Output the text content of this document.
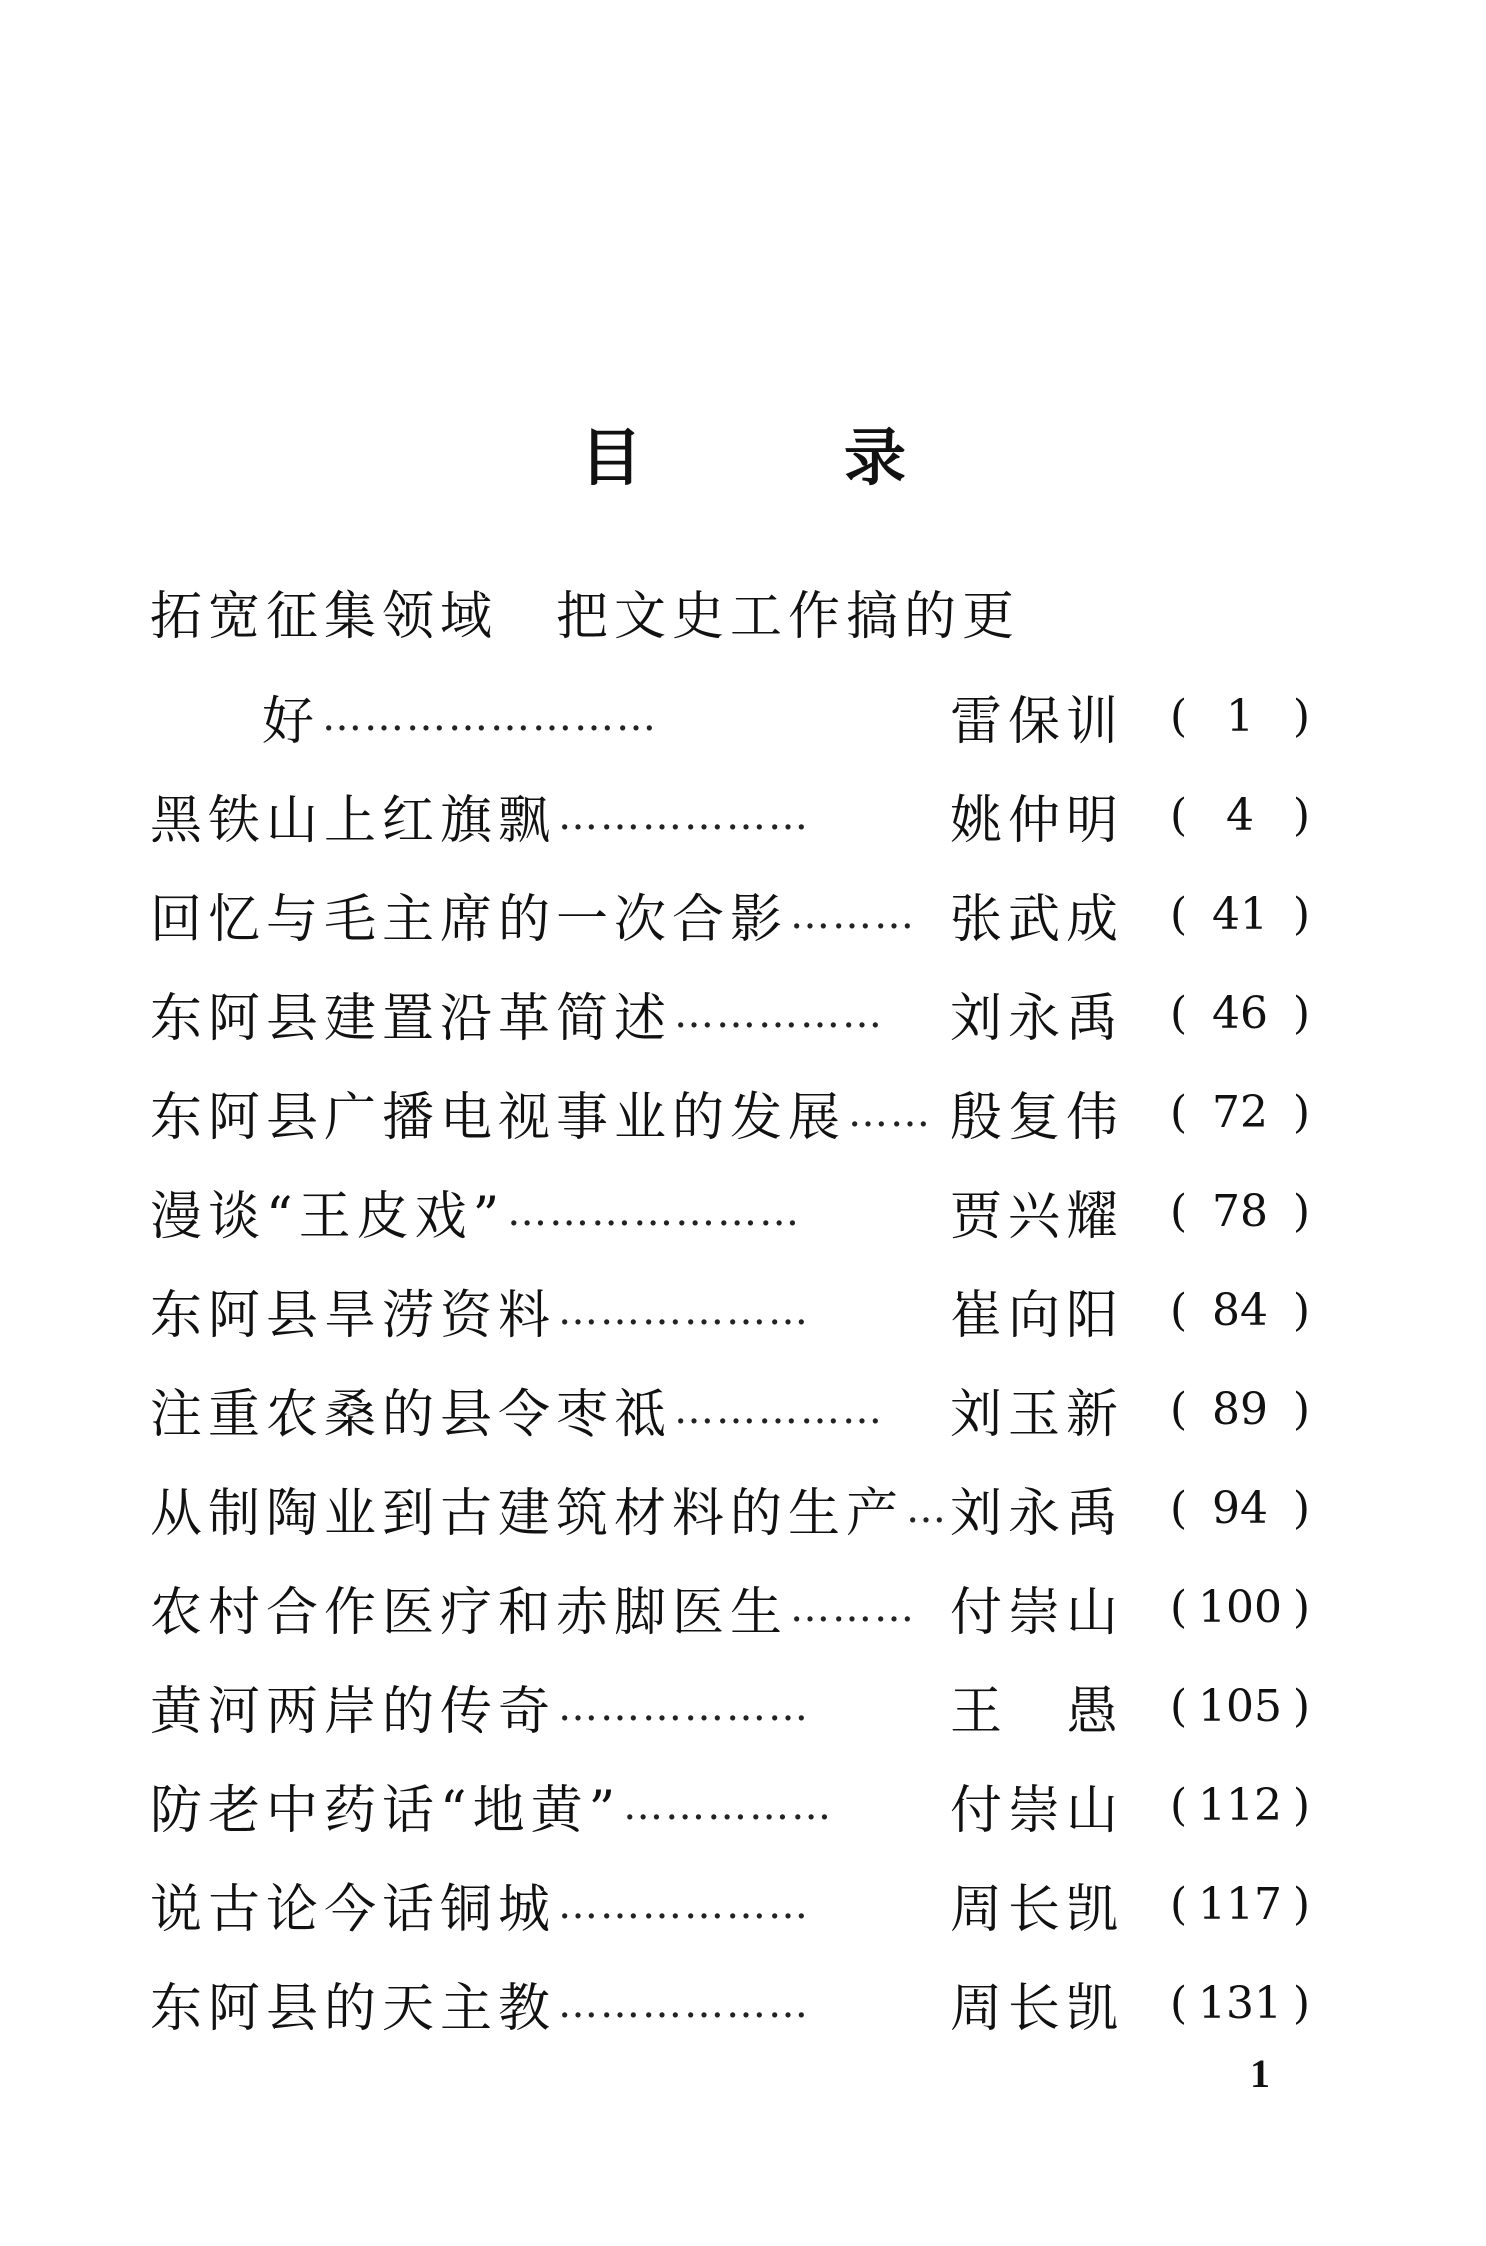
目　录
拓宽征集领域　把文史工作搞的更
好 ……………………	雷保训 ( 1 )
黑铁山上红旗飘 ………………	姚仲明 ( 4 )
回忆与毛主席的一次合影 ……… 张武成 ( 41 )
东阿县建置沿革简述 ……………	刘永禹 ( 46 )
东阿县广播电视事业的发展 …… 殷复伟 ( 72 )
漫谈“王皮戏” …………………	贾兴耀 ( 78 )
东阿县旱涝资料 ………………	崔向阳 ( 84 )
注重农桑的县令枣祗 ……………	刘玉新 ( 89 )
从制陶业到古建筑材料的生产 … 刘永禹 ( 94 )
农村合作医疗和赤脚医生 ……… 付崇山 ( 100 )
黄河两岸的传奇 ………………	王　愚 ( 105 )
防老中药话“地黄” ……………	付崇山 ( 112 )
说古论今话铜城 ………………	周长凯 ( 117 )
东阿县的天主教 ………………	周长凯 ( 131 )
1
